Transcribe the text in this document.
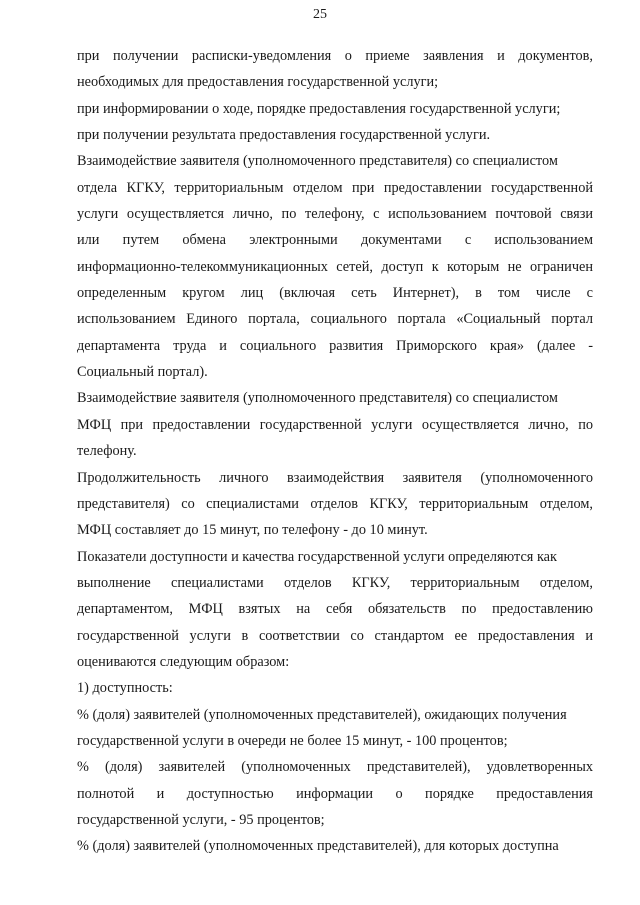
25
при получении расписки-уведомления о приеме заявления и документов,
необходимых для предоставления государственной услуги;
при информировании о ходе, порядке предоставления государственной услуги;
при получении результата предоставления государственной услуги.
Взаимодействие заявителя (уполномоченного представителя) со специалистом
отдела КГКУ, территориальным отделом при предоставлении государственной
услуги осуществляется лично, по телефону, с использованием почтовой связи
или путем обмена электронными документами с использованием
информационно-телекоммуникационных сетей, доступ к которым не ограничен
определенным кругом лиц (включая сеть Интернет), в том числе с
использованием Единого портала, социального портала «Социальный портал
департамента труда и социального развития Приморского края» (далее -
Социальный портал).
Взаимодействие заявителя (уполномоченного представителя) со специалистом
МФЦ при предоставлении государственной услуги осуществляется лично, по
телефону.
Продолжительность личного взаимодействия заявителя (уполномоченного
представителя) со специалистами отделов КГКУ, территориальным отделом,
МФЦ составляет до 15 минут, по телефону - до 10 минут.
Показатели доступности и качества государственной услуги определяются как
выполнение специалистами отделов КГКУ, территориальным отделом,
департаментом, МФЦ взятых на себя обязательств по предоставлению
государственной услуги в соответствии со стандартом ее предоставления и
оцениваются следующим образом:
1) доступность:
% (доля) заявителей (уполномоченных представителей), ожидающих получения
государственной услуги в очереди не более 15 минут, - 100 процентов;
% (доля) заявителей (уполномоченных представителей), удовлетворенных
полнотой и доступностью информации о порядке предоставления
государственной услуги, - 95 процентов;
% (доля) заявителей (уполномоченных представителей), для которых доступна
